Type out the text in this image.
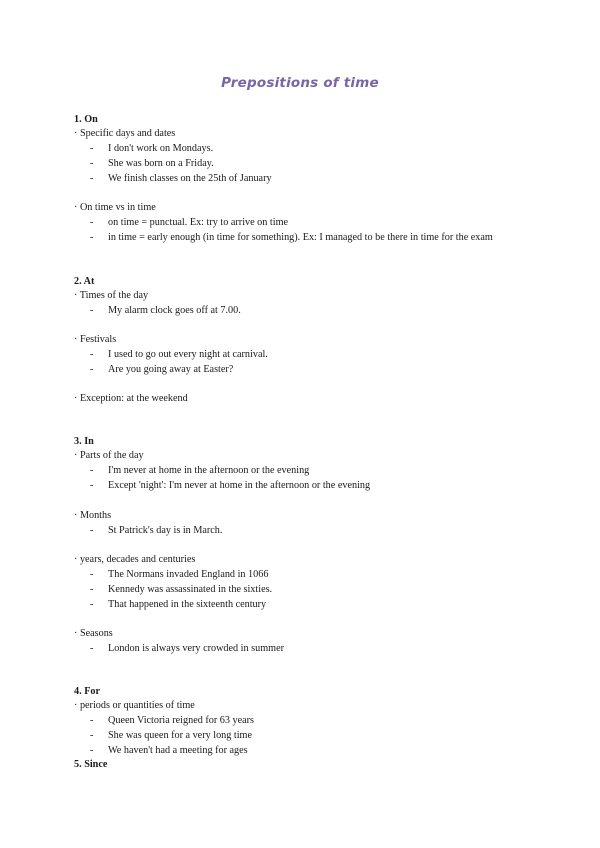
Prepositions of time
1. On
· Specific days and dates
- I don't work on Mondays.
- She was born on a Friday.
- We finish classes on the 25th of January
· On time vs in time
- on time = punctual. Ex: try to arrive on time
- in time = early enough (in time for something). Ex: I managed to be there in time for the exam
2. At
· Times of the day
- My alarm clock goes off at 7.00.
· Festivals
- I used to go out every night at carnival.
- Are you going away at Easter?
· Exception: at the weekend
3. In
· Parts of the day
- I'm never at home in the afternoon or the evening
- Except 'night': I'm never at home in the afternoon or the evening
· Months
- St Patrick's day is in March.
· years, decades and centuries
- The Normans invaded England in 1066
- Kennedy was assassinated in the sixties.
- That happened in the sixteenth century
· Seasons
- London is always very crowded in summer
4. For
· periods or quantities of time
- Queen Victoria reigned for 63 years
- She was queen for a very long time
- We haven't had a meeting for ages
5. Since
